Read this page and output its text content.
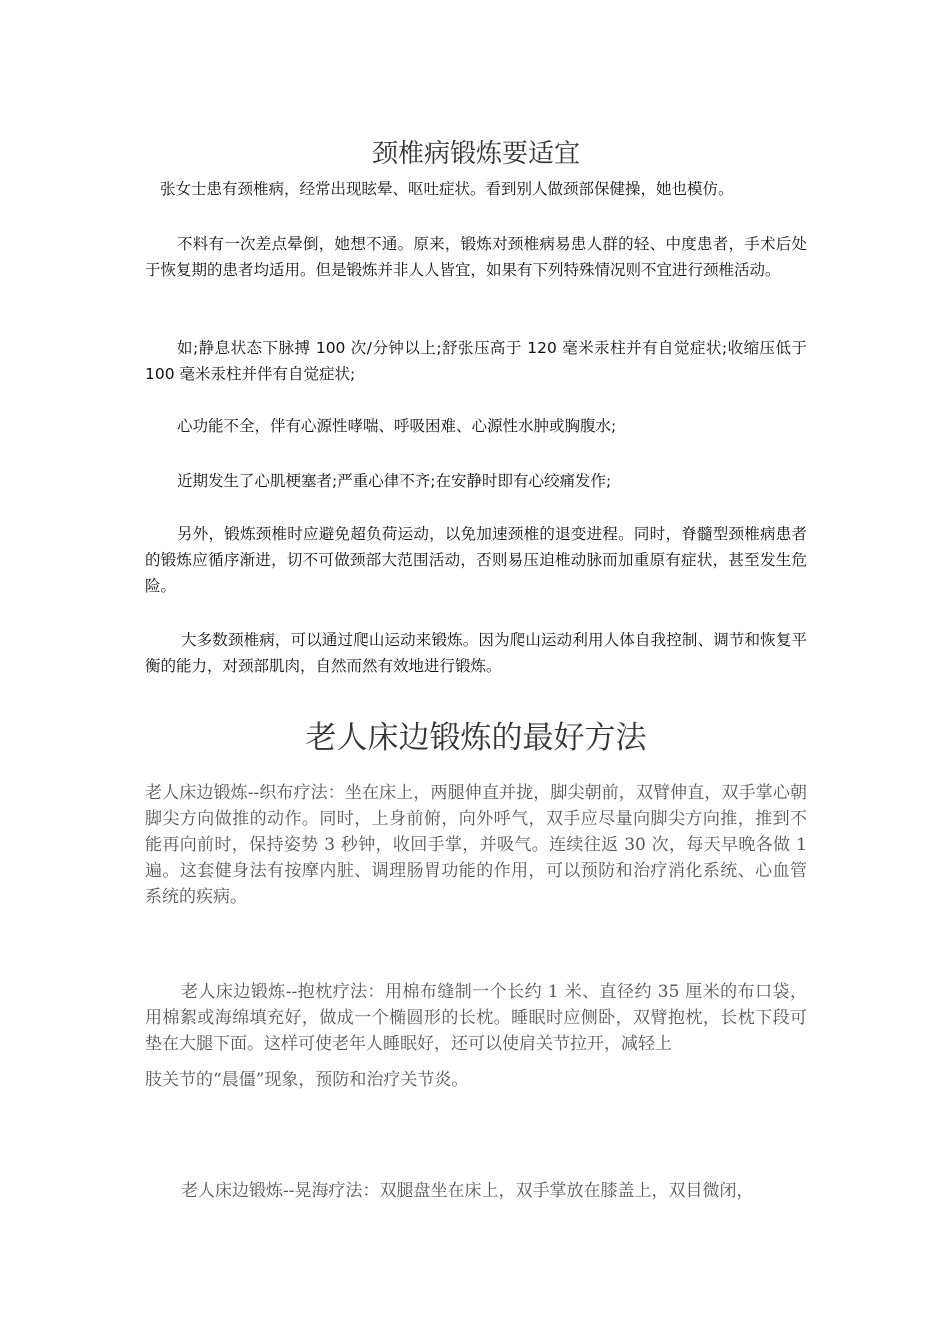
颈椎病锻炼要适宜

张女士患有颈椎病，经常出现眩晕、呕吐症状。看到别人做颈部保健操，她也模仿。

不料有一次差点晕倒，她想不通。原来，锻炼对颈椎病易患人群的轻、中度患者，手术后处于恢复期的患者均适用。但是锻炼并非人人皆宜，如果有下列特殊情况则不宜进行颈椎活动。

如;静息状态下脉搏 100 次/分钟以上;舒张压高于 120 毫米汞柱并有自觉症状;收缩压低于 100 毫米汞柱并伴有自觉症状;

心功能不全，伴有心源性哮喘、呼吸困难、心源性水肿或胸腹水;

近期发生了心肌梗塞者;严重心律不齐;在安静时即有心绞痛发作;

另外，锻炼颈椎时应避免超负荷运动，以免加速颈椎的退变进程。同时，脊髓型颈椎病患者的锻炼应循序渐进，切不可做颈部大范围活动，否则易压迫椎动脉而加重原有症状，甚至发生危险。

大多数颈椎病，可以通过爬山运动来锻炼。因为爬山运动利用人体自我控制、调节和恢复平衡的能力，对颈部肌肉，自然而然有效地进行锻炼。

老人床边锻炼的最好方法

老人床边锻炼--织布疗法：坐在床上，两腿伸直并拢，脚尖朝前，双臂伸直，双手掌心朝脚尖方向做推的动作。同时，上身前俯，向外呼气，双手应尽量向脚尖方向推，推到不能再向前时，保持姿势 3 秒钟，收回手掌，并吸气。连续往返 30 次，每天早晚各做 1 遍。这套健身法有按摩内脏、调理肠胃功能的作用，可以预防和治疗消化系统、心血管系统的疾病。

老人床边锻炼--抱枕疗法：用棉布缝制一个长约 1 米、直径约 35 厘米的布口袋，用棉絮或海绵填充好，做成一个椭圆形的长枕。睡眠时应侧卧，双臂抱枕，长枕下段可垫在大腿下面。这样可使老年人睡眠好，还可以使肩关节拉开，减轻上

肢关节的“晨僵”现象，预防和治疗关节炎。

老人床边锻炼--晃海疗法：双腿盘坐在床上，双手掌放在膝盖上，双目微闭，
